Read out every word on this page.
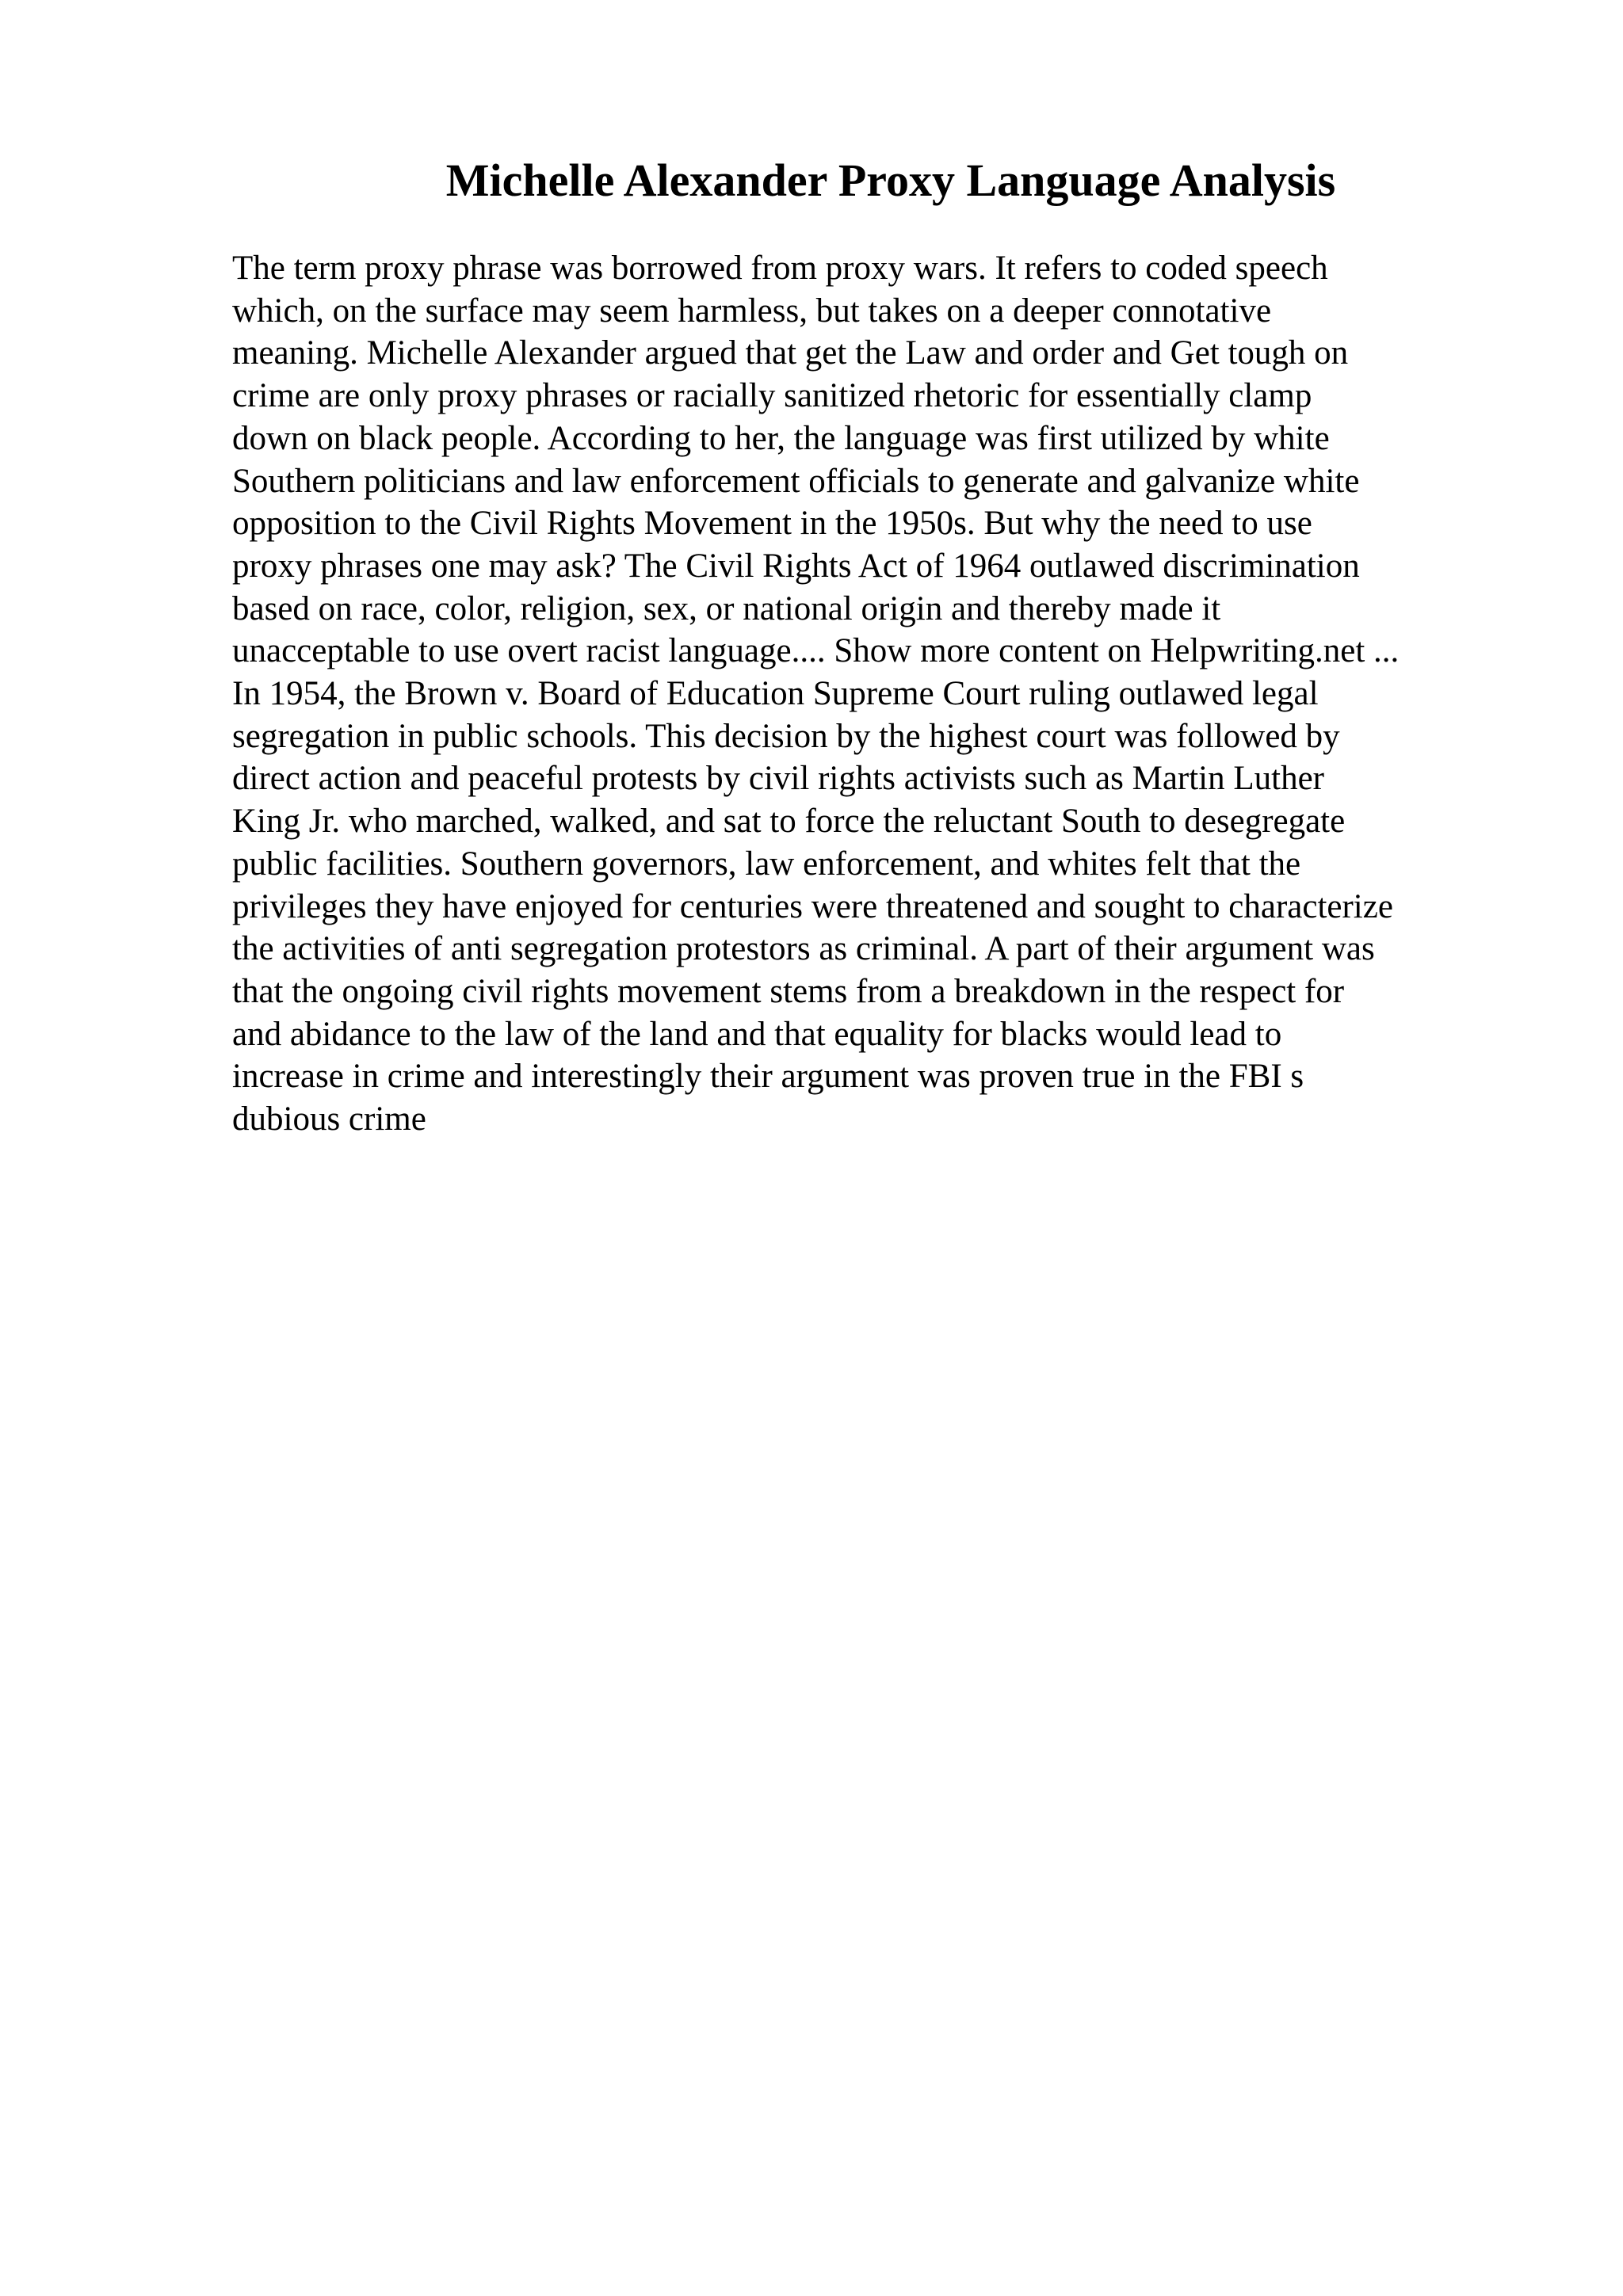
Michelle Alexander Proxy Language Analysis
The term proxy phrase was borrowed from proxy wars. It refers to coded speech
which, on the surface may seem harmless, but takes on a deeper connotative
meaning. Michelle Alexander argued that get the Law and order and Get tough on
crime are only proxy phrases or racially sanitized rhetoric for essentially clamp
down on black people. According to her, the language was first utilized by white
Southern politicians and law enforcement officials to generate and galvanize white
opposition to the Civil Rights Movement in the 1950s. But why the need to use
proxy phrases one may ask? The Civil Rights Act of 1964 outlawed discrimination
based on race, color, religion, sex, or national origin and thereby made it
unacceptable to use overt racist language.... Show more content on Helpwriting.net ...
In 1954, the Brown v. Board of Education Supreme Court ruling outlawed legal
segregation in public schools. This decision by the highest court was followed by
direct action and peaceful protests by civil rights activists such as Martin Luther
King Jr. who marched, walked, and sat to force the reluctant South to desegregate
public facilities. Southern governors, law enforcement, and whites felt that the
privileges they have enjoyed for centuries were threatened and sought to characterize
the activities of anti segregation protestors as criminal. A part of their argument was
that the ongoing civil rights movement stems from a breakdown in the respect for
and abidance to the law of the land and that equality for blacks would lead to
increase in crime and interestingly their argument was proven true in the FBI s
dubious crime
